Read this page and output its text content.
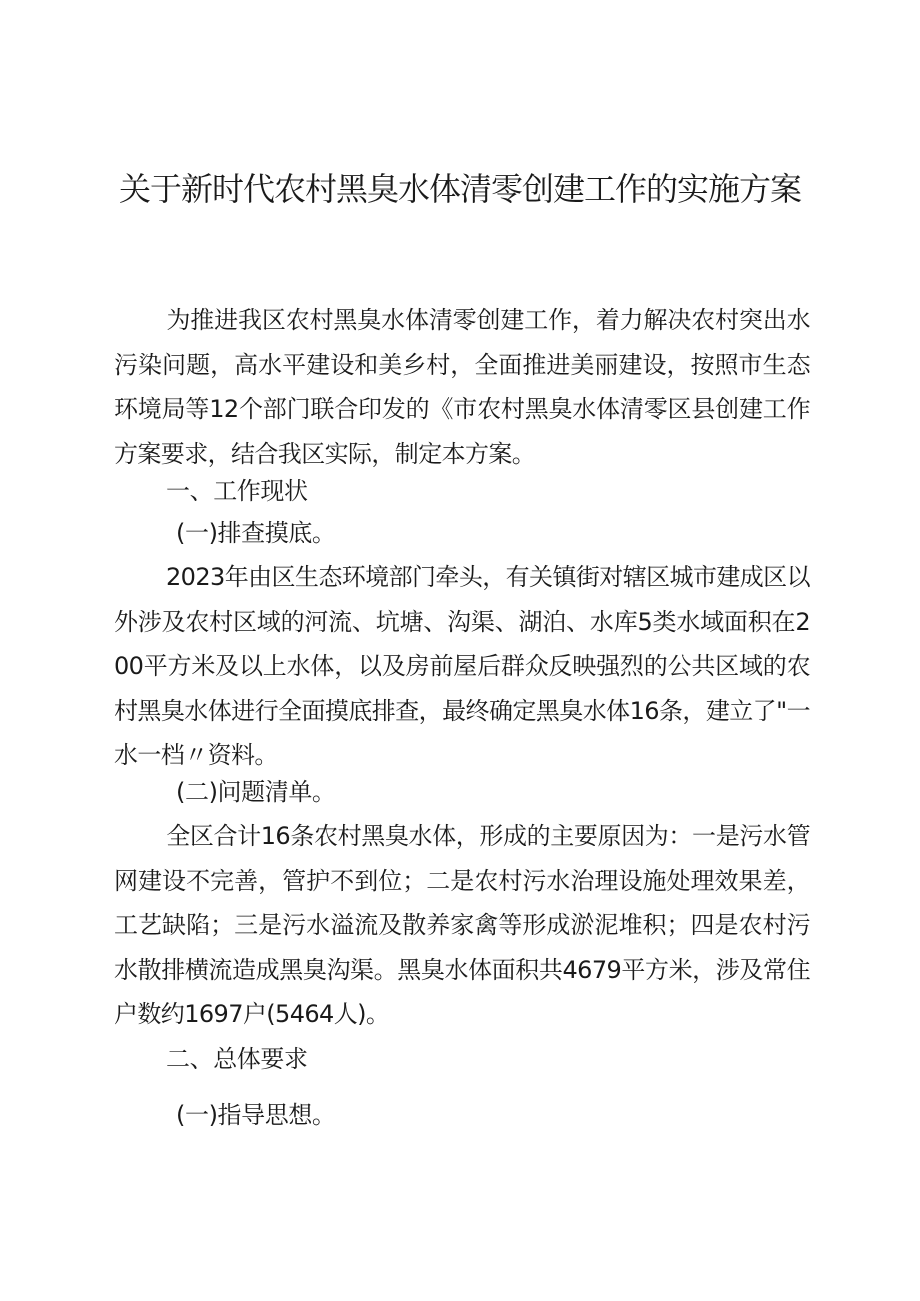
关于新时代农村黑臭水体清零创建工作的实施方案

为推进我区农村黑臭水体清零创建工作，着力解决农村突出水污染问题，高水平建设和美乡村，全面推进美丽建设，按照市生态环境局等12个部门联合印发的《市农村黑臭水体清零区县创建工作方案要求，结合我区实际，制定本方案。

一、工作现状
(一)排查摸底。

2023年由区生态环境部门牵头，有关镇街对辖区城市建成区以外涉及农村区域的河流、坑塘、沟渠、湖泊、水库5类水域面积在200平方米及以上水体，以及房前屋后群众反映强烈的公共区域的农村黑臭水体进行全面摸底排查，最终确定黑臭水体16条，建立了"一水一档〃资料。

(二)问题清单。

全区合计16条农村黑臭水体，形成的主要原因为：一是污水管网建设不完善，管护不到位；二是农村污水治理设施处理效果差，工艺缺陷；三是污水溢流及散养家禽等形成淤泥堆积；四是农村污水散排横流造成黑臭沟渠。黑臭水体面积共4679平方米，涉及常住户数约1697户(5464人)。

二、总体要求
(一)指导思想。
